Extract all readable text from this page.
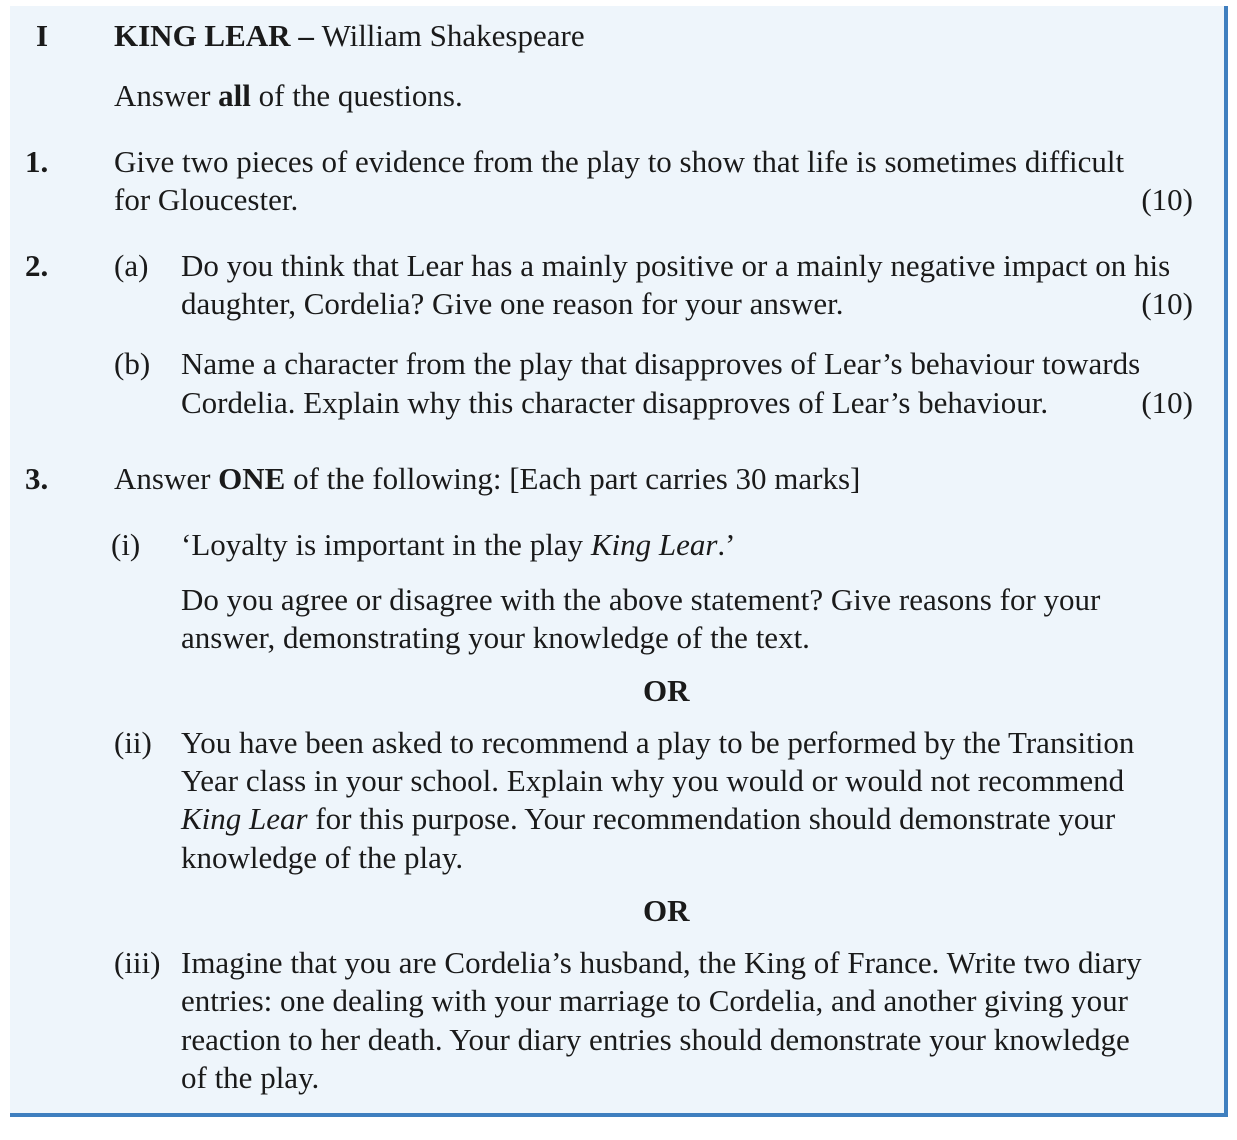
I KING LEAR – William Shakespeare

Answer all of the questions.

1. Give two pieces of evidence from the play to show that life is sometimes difficult

for Gloucester.	(10)

2. (a) Do you think that Lear has a mainly positive or a mainly negative impact on his

daughter, Cordelia? Give one reason for your answer.	(10)

(b) Name a character from the play that disapproves of Lear’s behaviour towards

Cordelia. Explain why this character disapproves of Lear’s behaviour.	(10)

3. Answer ONE of the following: [Each part carries 30 marks]

(i) ‘Loyalty is important in the play King Lear.’

Do you agree or disagree with the above statement? Give reasons for your

answer, demonstrating your knowledge of the text.

OR

(ii) You have been asked to recommend a play to be performed by the Transition

Year class in your school. Explain why you would or would not recommend

King Lear for this purpose. Your recommendation should demonstrate your

knowledge of the play.

OR

(iii) Imagine that you are Cordelia’s husband, the King of France. Write two diary

entries: one dealing with your marriage to Cordelia, and another giving your

reaction to her death. Your diary entries should demonstrate your knowledge

of the play.
